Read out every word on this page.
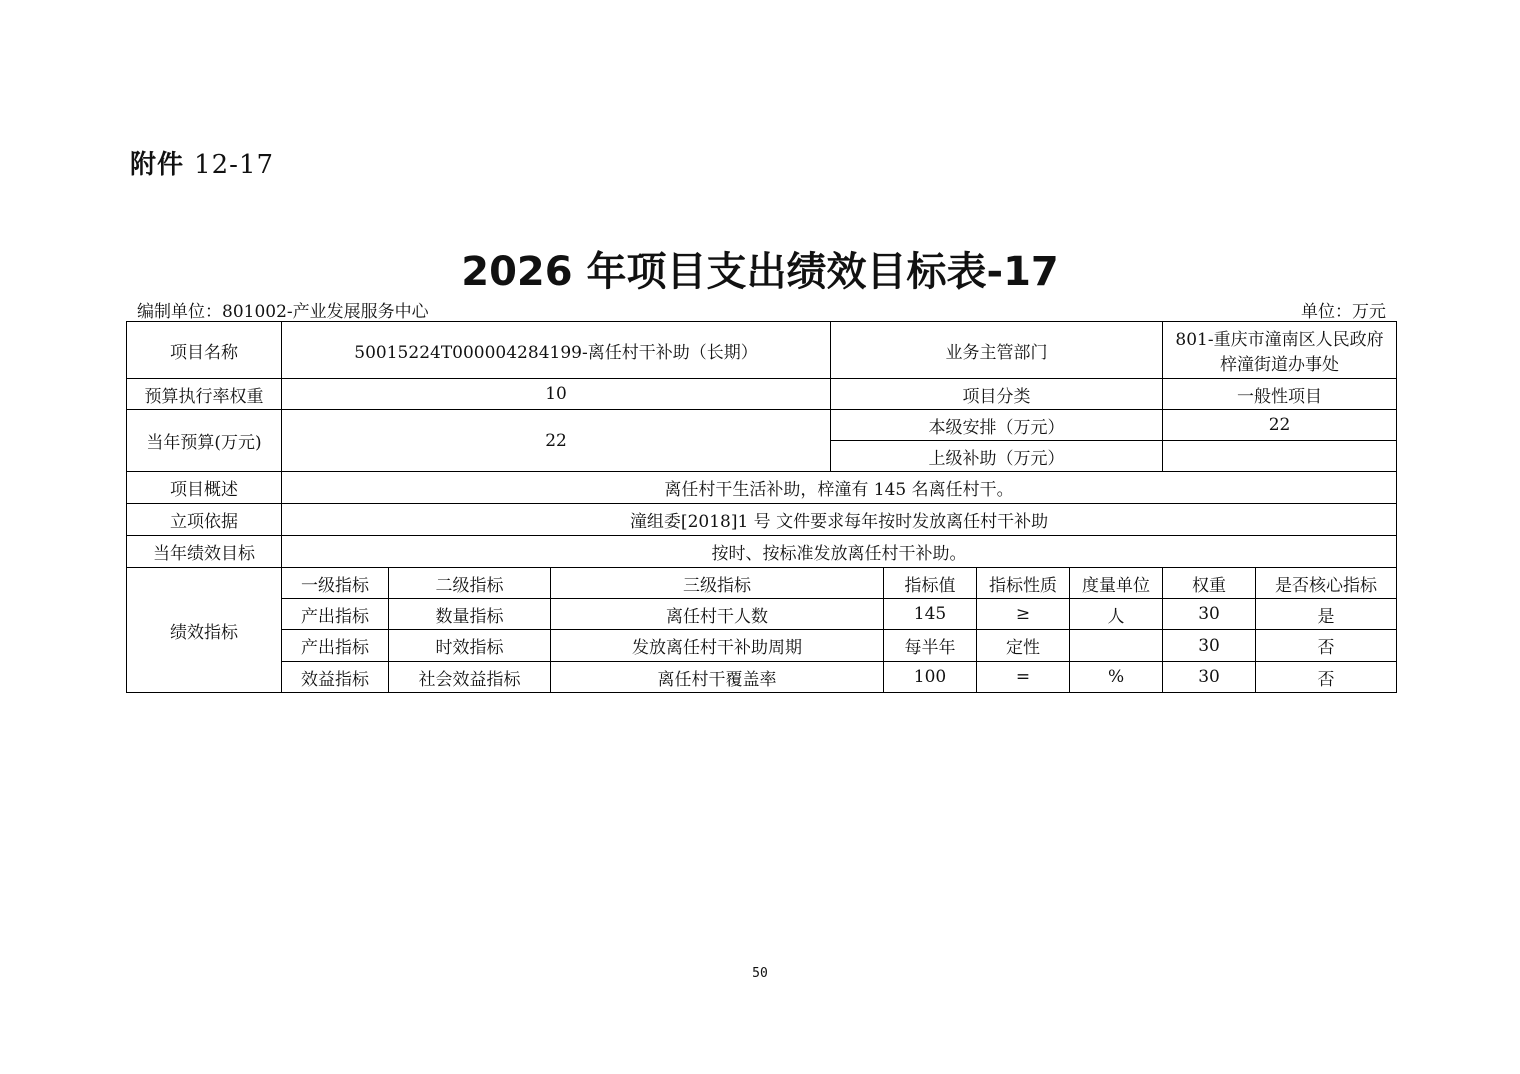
附件 12-17
2026 年项目支出绩效目标表-17
编制单位：801002-产业发展服务中心	单位：万元
项目名称	50015224T000004284199-离任村干补助（长期）			业务主管部门				801-重庆市潼南区人民政府梓潼街道办事处	
预算执行率权重	10			项目分类				一般性项目	
当年预算(万元)	22			本级安排（万元）				22	
				上级补助（万元）					
项目概述	离任村干生活补助，梓潼有 145 名离任村干。								
立项依据	潼组委[2018]1 号 文件要求每年按时发放离任村干补助								
当年绩效目标	按时、按标准发放离任村干补助。								
绩效指标	一级指标	二级指标	三级指标		指标值	指标性质	度量单位	权重	是否核心指标
	产出指标	数量指标	离任村干人数		145	≥	人	30	是
	产出指标	时效指标	发放离任村干补助周期		每半年	定性		30	否
	效益指标	社会效益指标	离任村干覆盖率		100	=	%	30	否
50
